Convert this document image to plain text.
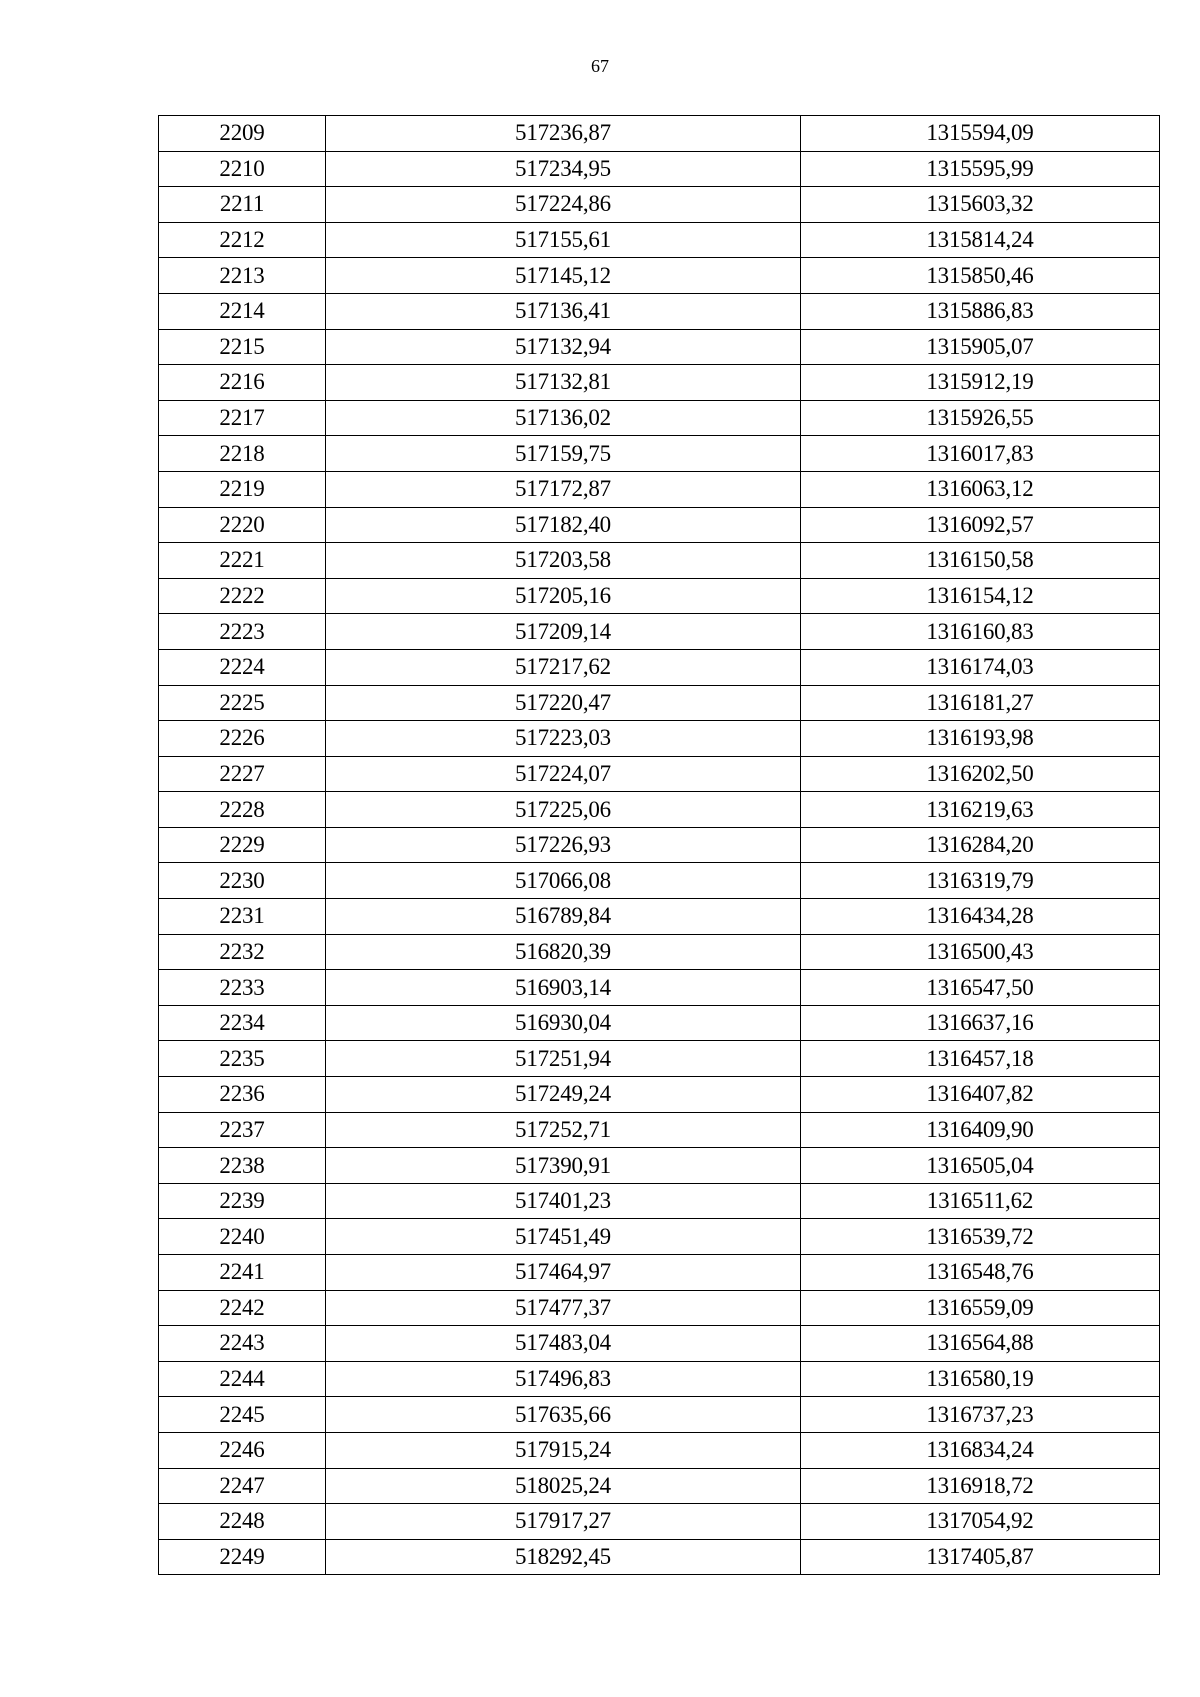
67
2209	517236,87	1315594,09
2210	517234,95	1315595,99
2211	517224,86	1315603,32
2212	517155,61	1315814,24
2213	517145,12	1315850,46
2214	517136,41	1315886,83
2215	517132,94	1315905,07
2216	517132,81	1315912,19
2217	517136,02	1315926,55
2218	517159,75	1316017,83
2219	517172,87	1316063,12
2220	517182,40	1316092,57
2221	517203,58	1316150,58
2222	517205,16	1316154,12
2223	517209,14	1316160,83
2224	517217,62	1316174,03
2225	517220,47	1316181,27
2226	517223,03	1316193,98
2227	517224,07	1316202,50
2228	517225,06	1316219,63
2229	517226,93	1316284,20
2230	517066,08	1316319,79
2231	516789,84	1316434,28
2232	516820,39	1316500,43
2233	516903,14	1316547,50
2234	516930,04	1316637,16
2235	517251,94	1316457,18
2236	517249,24	1316407,82
2237	517252,71	1316409,90
2238	517390,91	1316505,04
2239	517401,23	1316511,62
2240	517451,49	1316539,72
2241	517464,97	1316548,76
2242	517477,37	1316559,09
2243	517483,04	1316564,88
2244	517496,83	1316580,19
2245	517635,66	1316737,23
2246	517915,24	1316834,24
2247	518025,24	1316918,72
2248	517917,27	1317054,92
2249	518292,45	1317405,87
